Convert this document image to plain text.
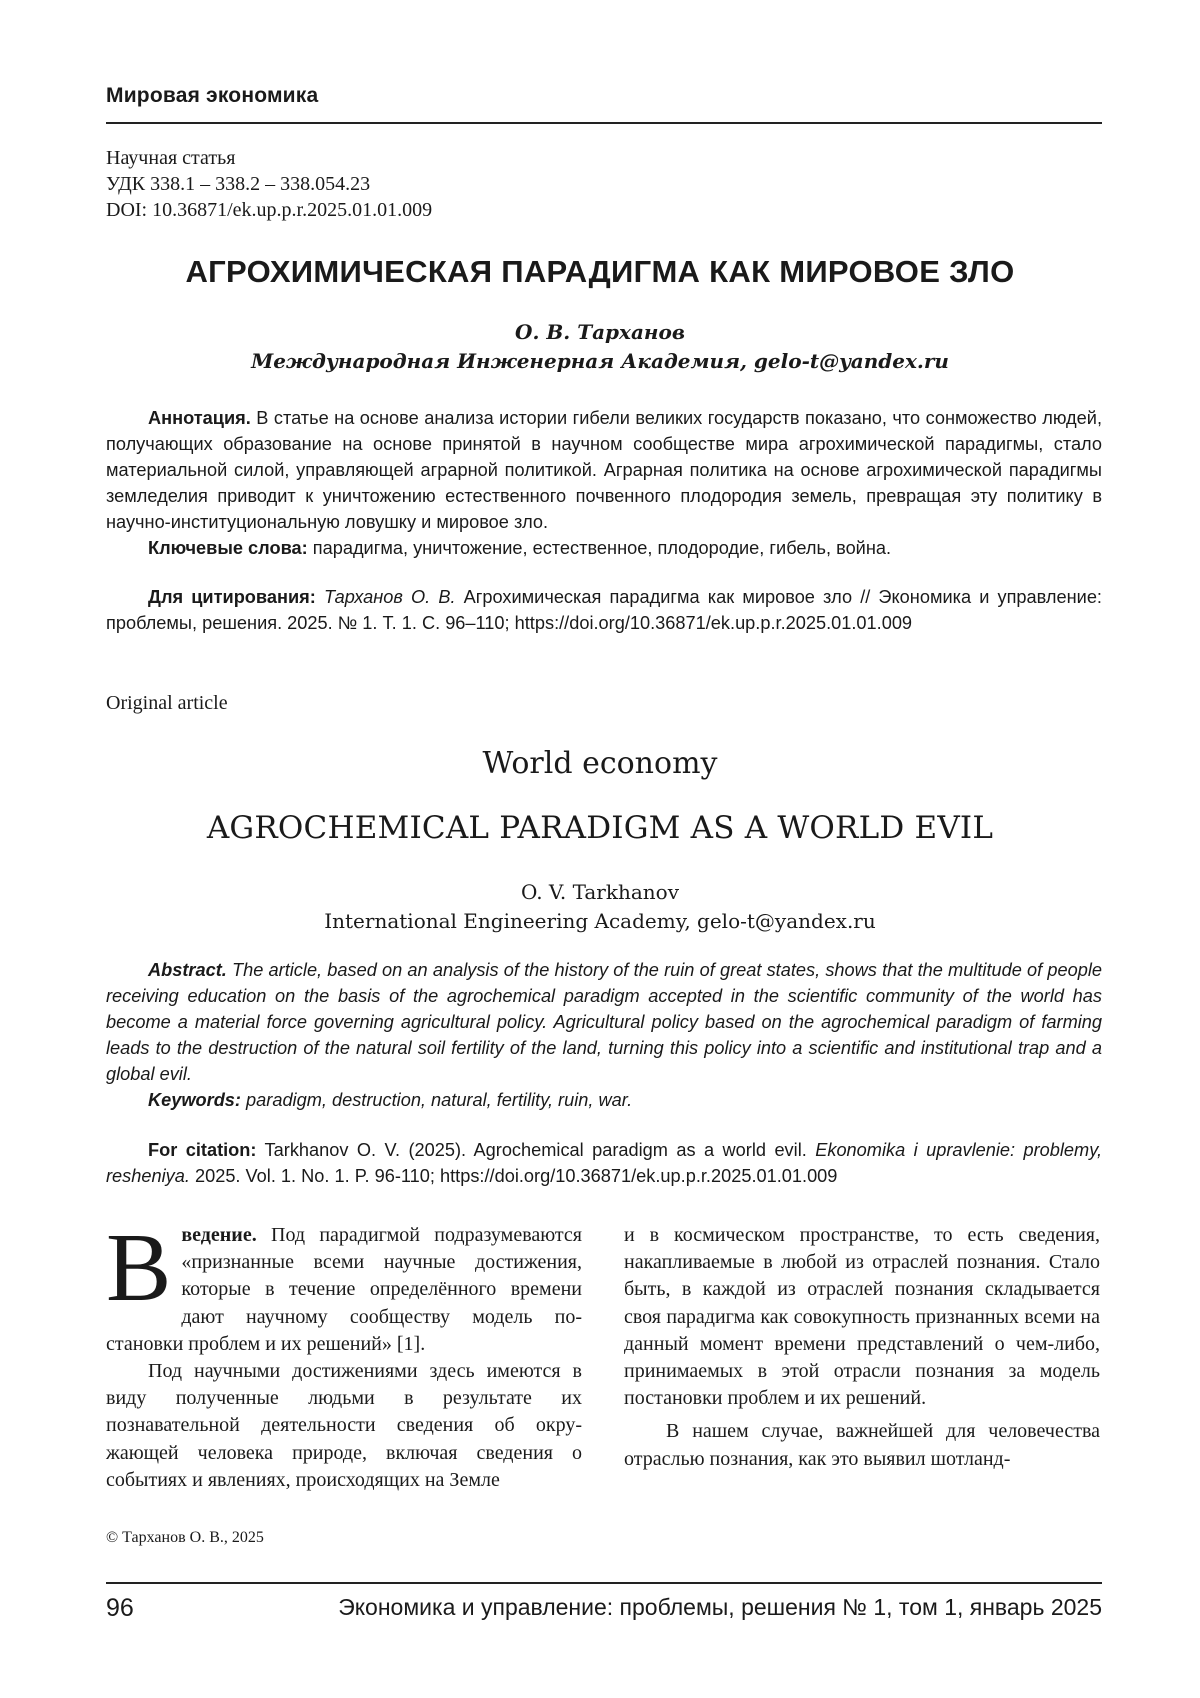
Мировая экономика
Научная статья
УДК 338.1 – 338.2 – 338.054.23
DOI: 10.36871/ek.up.p.r.2025.01.01.009
АГРОХИМИЧЕСКАЯ ПАРАДИГМА КАК МИРОВОЕ ЗЛО
О. В. Тарханов
Международная Инженерная Академия, gelo-t@yandex.ru

Аннотация. В статье на основе анализа истории гибели великих государств показано, что сонможество людей, получающих образование на основе принятой в научном сообществе мира агрохимической парадигмы, стало материальной силой, управляющей аграрной политикой. Аграрная политика на основе агрохимической парадигмы земледелия приводит к уничтожению естественного почвенного плодородия земель, превращая эту политику в научно-институциональную ловушку и мировое зло.

Ключевые слова: парадигма, уничтожение, естественное, плодородие, гибель, война.

Для цитирования: Тарханов О. В. Агрохимическая парадигма как мировое зло // Экономика и управление: проблемы, решения. 2025. № 1. Т. 1. С. 96–110; https://doi.org/10.36871/ek.up.p.r.2025.01.01.009

Original article
World economy
AGROCHEMICAL PARADIGM AS A WORLD EVIL
O. V. Tarkhanov
International Engineering Academy, gelo-t@yandex.ru

Abstract. The article, based on an analysis of the history of the ruin of great states, shows that the multitude of people receiving education on the basis of the agrochemical paradigm accepted in the scientific community of the world has become a material force governing agricultural policy. Agricultural policy based on the agrochemical paradigm of farming leads to the destruction of the natural soil fertility of the land, turning this policy into a scientific and institutional trap and a global evil.

Keywords: paradigm, destruction, natural, fertility, ruin, war.

For citation: Tarkhanov O. V. (2025). Agrochemical paradigm as a world evil. Ekonomika i upravlenie: problemy, resheniya. 2025. Vol. 1. No. 1. P. 96-110; https://doi.org/10.36871/ek.up.p.r.2025.01.01.009

Введение. Под парадигмой подразумеваются «признанные всеми научные достижения, которые в течение определённого времени дают научному сообществу модель постановки проблем и их решений» [1].

Под научными достижениями здесь имеются в виду полученные людьми в результате их познавательной деятельности сведения об окружающей человека природе, включая сведения о событиях и явлениях, происходящих на Земле

и в космическом пространстве, то есть сведения, накапливаемые в любой из отраслей познания. Стало быть, в каждой из отраслей познания складывается своя парадигма как совокупность признанных всеми на данный момент времени представлений о чем-либо, принимаемых в этой отрасли познания за модель постановки проблем и их решений.

В нашем случае, важнейшей для человечества отраслью познания, как это выявил шотланд-

© Тарханов О. В., 2025
96	Экономика и управление: проблемы, решения № 1, том 1, январь 2025
